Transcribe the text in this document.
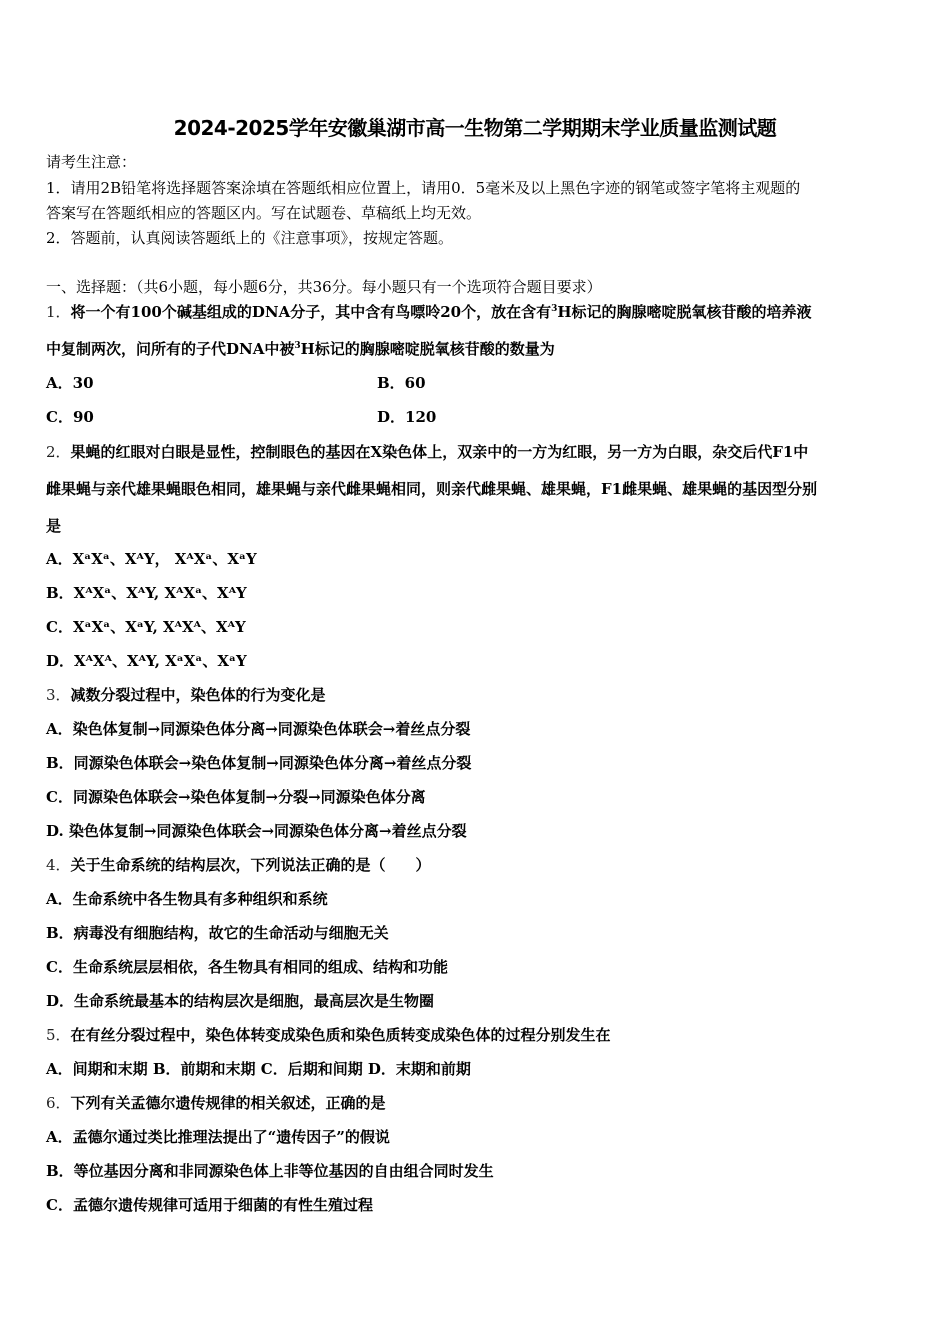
2024-2025学年安徽巢湖市高一生物第二学期期末学业质量监测试题
请考生注意：
1．请用2B铅笔将选择题答案涂填在答题纸相应位置上，请用0．5毫米及以上黑色字迹的钢笔或签字笔将主观题的
答案写在答题纸相应的答题区内。写在试题卷、草稿纸上均无效。
2．答题前，认真阅读答题纸上的《注意事项》，按规定答题。
一、选择题：（共6小题，每小题6分，共36分。每小题只有一个选项符合题目要求）
1．将一个有100个碱基组成的DNA分子，其中含有鸟嘌呤20个，放在含有$^3$H标记的胸腺嘧啶脱氧核苷酸的培养液
中复制两次，问所有的子代DNA中被$^3$H标记的胸腺嘧啶脱氧核苷酸的数量为
A．30	B．60
C．90	D．120
2．果蝇的红眼对白眼是显性，控制眼色的基因在X染色体上，双亲中的一方为红眼，另一方为白眼，杂交后代F1中
雌果蝇与亲代雄果蝇眼色相同，雄果蝇与亲代雌果蝇相同，则亲代雌果蝇、雄果蝇，F1雌果蝇、雄果蝇的基因型分别
是
A．XᵃXᵃ、XᴬY， XᴬXᵃ、XᵃY
B．XᴬXᵃ、XᴬY, XᴬXᵃ、XᴬY
C．XᵃXᵃ、XᵃY, XᴬXᴬ、XᴬY
D．XᴬXᴬ、XᴬY, XᵃXᵃ、XᵃY
3．减数分裂过程中，染色体的行为变化是
A．染色体复制→同源染色体分离→同源染色体联会→着丝点分裂
B．同源染色体联会→染色体复制→同源染色体分离→着丝点分裂
C．同源染色体联会→染色体复制→分裂→同源染色体分离
D. 染色体复制→同源染色体联会→同源染色体分离→着丝点分裂
4．关于生命系统的结构层次，下列说法正确的是（　　）
A．生命系统中各生物具有多种组织和系统
B．病毒没有细胞结构，故它的生命活动与细胞无关
C．生命系统层层相依，各生物具有相同的组成、结构和功能
D．生命系统最基本的结构层次是细胞，最高层次是生物圈
5．在有丝分裂过程中，染色体转变成染色质和染色质转变成染色体的过程分别发生在
A．间期和末期 B．前期和末期 C．后期和间期 D．末期和前期
6．下列有关孟德尔遗传规律的相关叙述，正确的是
A．孟德尔通过类比推理法提出了“遗传因子”的假说
B．等位基因分离和非同源染色体上非等位基因的自由组合同时发生
C．孟德尔遗传规律可适用于细菌的有性生殖过程
